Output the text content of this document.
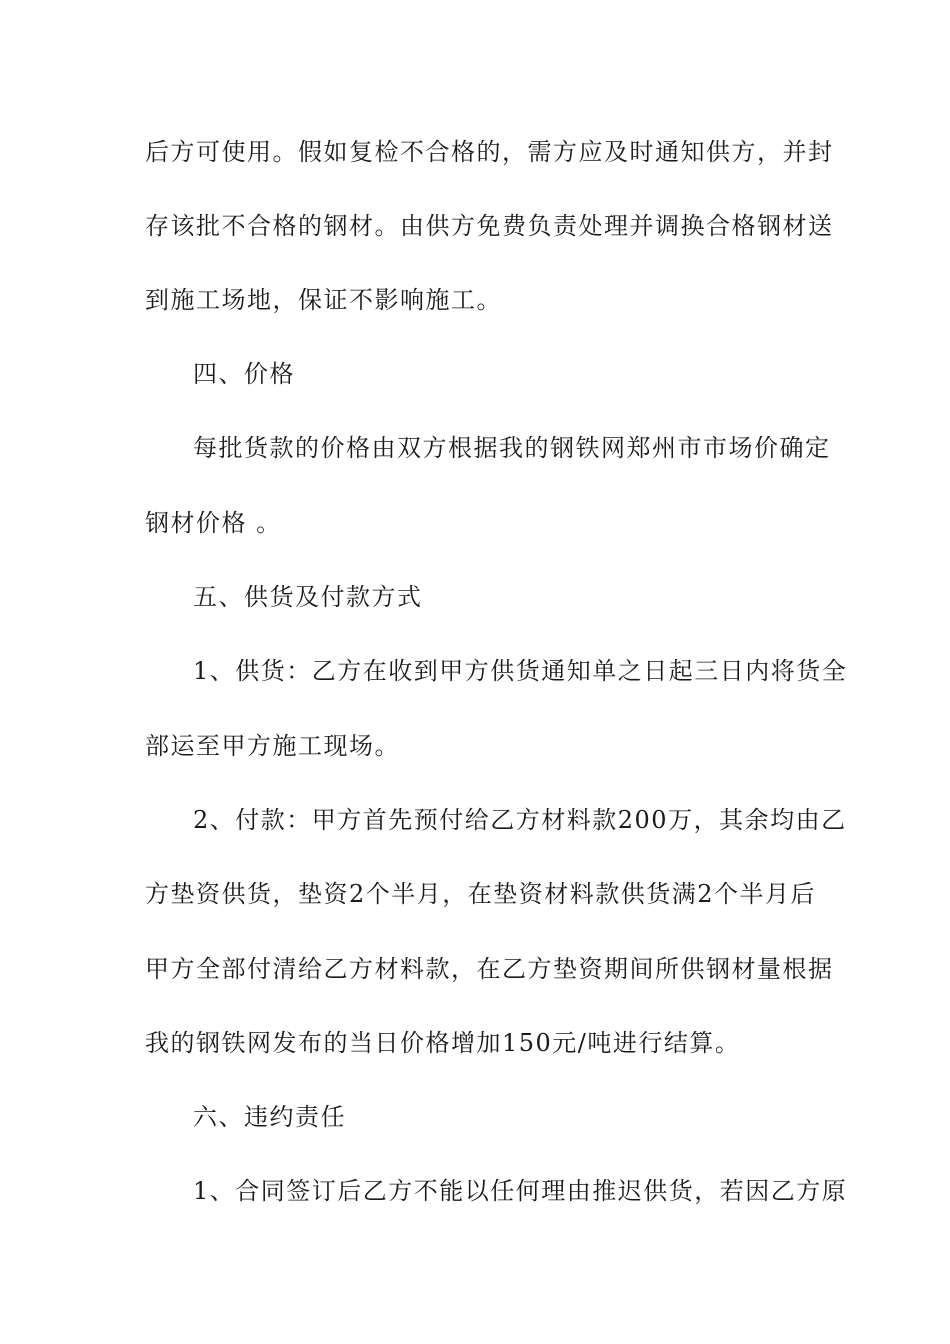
后方可使用。假如复检不合格的，需方应及时通知供方，并封
存该批不合格的钢材。由供方免费负责处理并调换合格钢材送
到施工场地，保证不影响施工。
四、价格
每批货款的价格由双方根据我的钢铁网郑州市市场价确定
钢材价格 。
五、供货及付款方式
1、供货：乙方在收到甲方供货通知单之日起三日内将货全
部运至甲方施工现场。
2、付款：甲方首先预付给乙方材料款200万，其余均由乙
方垫资供货，垫资2个半月，在垫资材料款供货满2个半月后
甲方全部付清给乙方材料款，在乙方垫资期间所供钢材量根据
我的钢铁网发布的当日价格增加150元/吨进行结算。
六、违约责任
1、合同签订后乙方不能以任何理由推迟供货，若因乙方原
